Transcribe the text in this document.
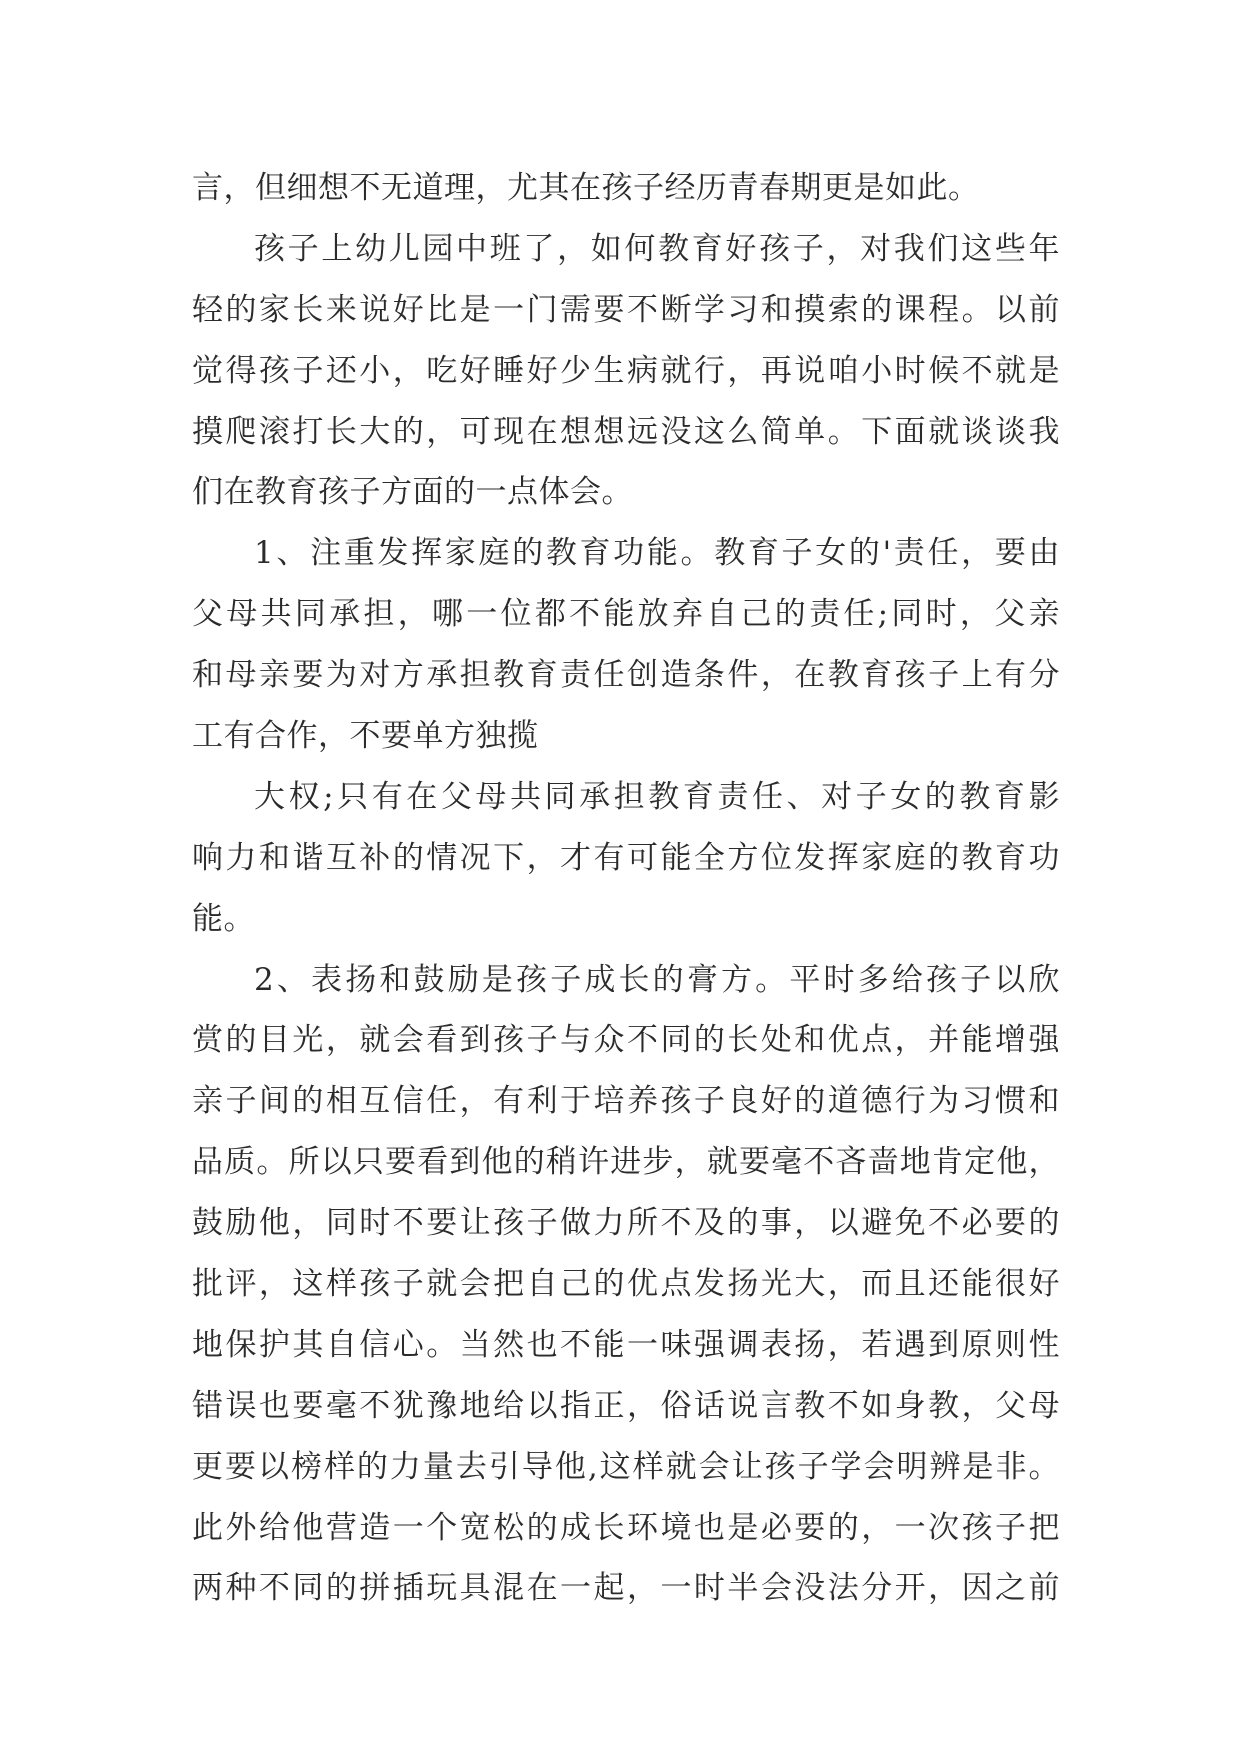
言，但细想不无道理，尤其在孩子经历青春期更是如此。
孩子上幼儿园中班了，如何教育好孩子，对我们这些年
轻的家长来说好比是一门需要不断学习和摸索的课程。以前
觉得孩子还小，吃好睡好少生病就行，再说咱小时候不就是
摸爬滚打长大的，可现在想想远没这么简单。下面就谈谈我
们在教育孩子方面的一点体会。
1、注重发挥家庭的教育功能。教育子女的'责任，要由
父母共同承担，哪一位都不能放弃自己的责任;同时，父亲
和母亲要为对方承担教育责任创造条件，在教育孩子上有分
工有合作，不要单方独揽
大权;只有在父母共同承担教育责任、对子女的教育影
响力和谐互补的情况下，才有可能全方位发挥家庭的教育功
能。
2、表扬和鼓励是孩子成长的膏方。平时多给孩子以欣
赏的目光，就会看到孩子与众不同的长处和优点，并能增强
亲子间的相互信任，有利于培养孩子良好的道德行为习惯和
品质。所以只要看到他的稍许进步，就要毫不吝啬地肯定他，
鼓励他，同时不要让孩子做力所不及的事，以避免不必要的
批评，这样孩子就会把自己的优点发扬光大，而且还能很好
地保护其自信心。当然也不能一味强调表扬，若遇到原则性
错误也要毫不犹豫地给以指正，俗话说言教不如身教，父母
更要以榜样的力量去引导他,这样就会让孩子学会明辨是非。
此外给他营造一个宽松的成长环境也是必要的，一次孩子把
两种不同的拼插玩具混在一起，一时半会没法分开，因之前
